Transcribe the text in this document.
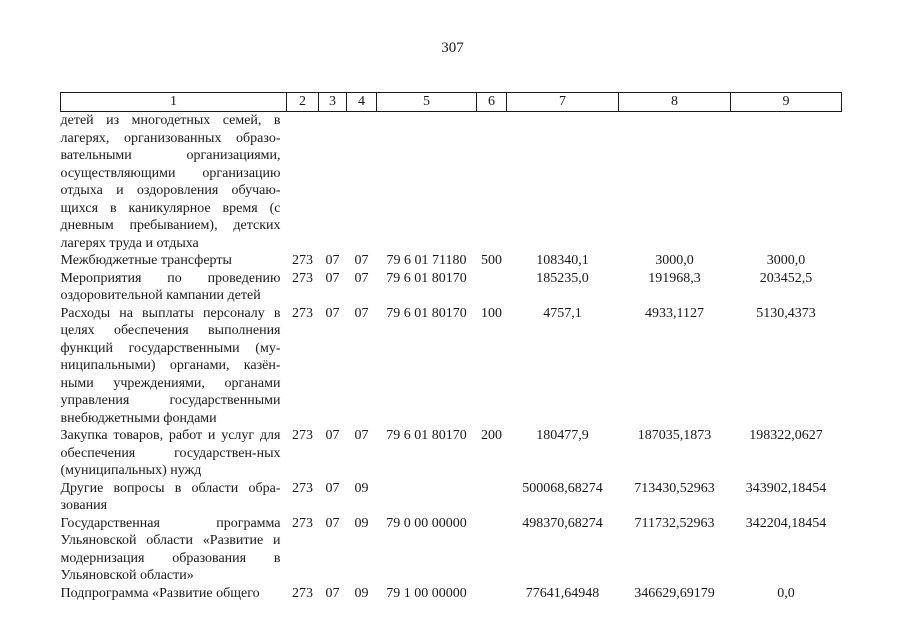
307
1	2	3	4	5	6	7	8	9
детей из многодетных семей, в лагерях, организованных образо-вательными организациями, осуществляющими организацию отдыха и оздоровления обучаю-щихся в каникулярное время (с дневным пребыванием), детских лагерях труда и отдыха								
Межбюджетные трансферты	273	07	07	79 6 01 71180	500	108340,1	3000,0	3000,0
Мероприятия по проведению оздоровительной кампании детей	273	07	07	79 6 01 80170		185235,0	191968,3	203452,5
Расходы на выплаты персоналу в целях обеспечения выполнения функций государственными (му-ниципальными) органами, казён-ными учреждениями, органами управления государственными внебюджетными фондами	273	07	07	79 6 01 80170	100	4757,1	4933,1127	5130,4373
Закупка товаров, работ и услуг для обеспечения государствен-ных (муниципальных) нужд	273	07	07	79 6 01 80170	200	180477,9	187035,1873	198322,0627
Другие вопросы в области обра-зования	273	07	09			500068,68274	713430,52963	343902,18454
Государственная программа Ульяновской области «Развитие и модернизация образования в Ульяновской области»	273	07	09	79 0 00 00000		498370,68274	711732,52963	342204,18454
Подпрограмма «Развитие общего	273	07	09	79 1 00 00000		77641,64948	346629,69179	0,0
